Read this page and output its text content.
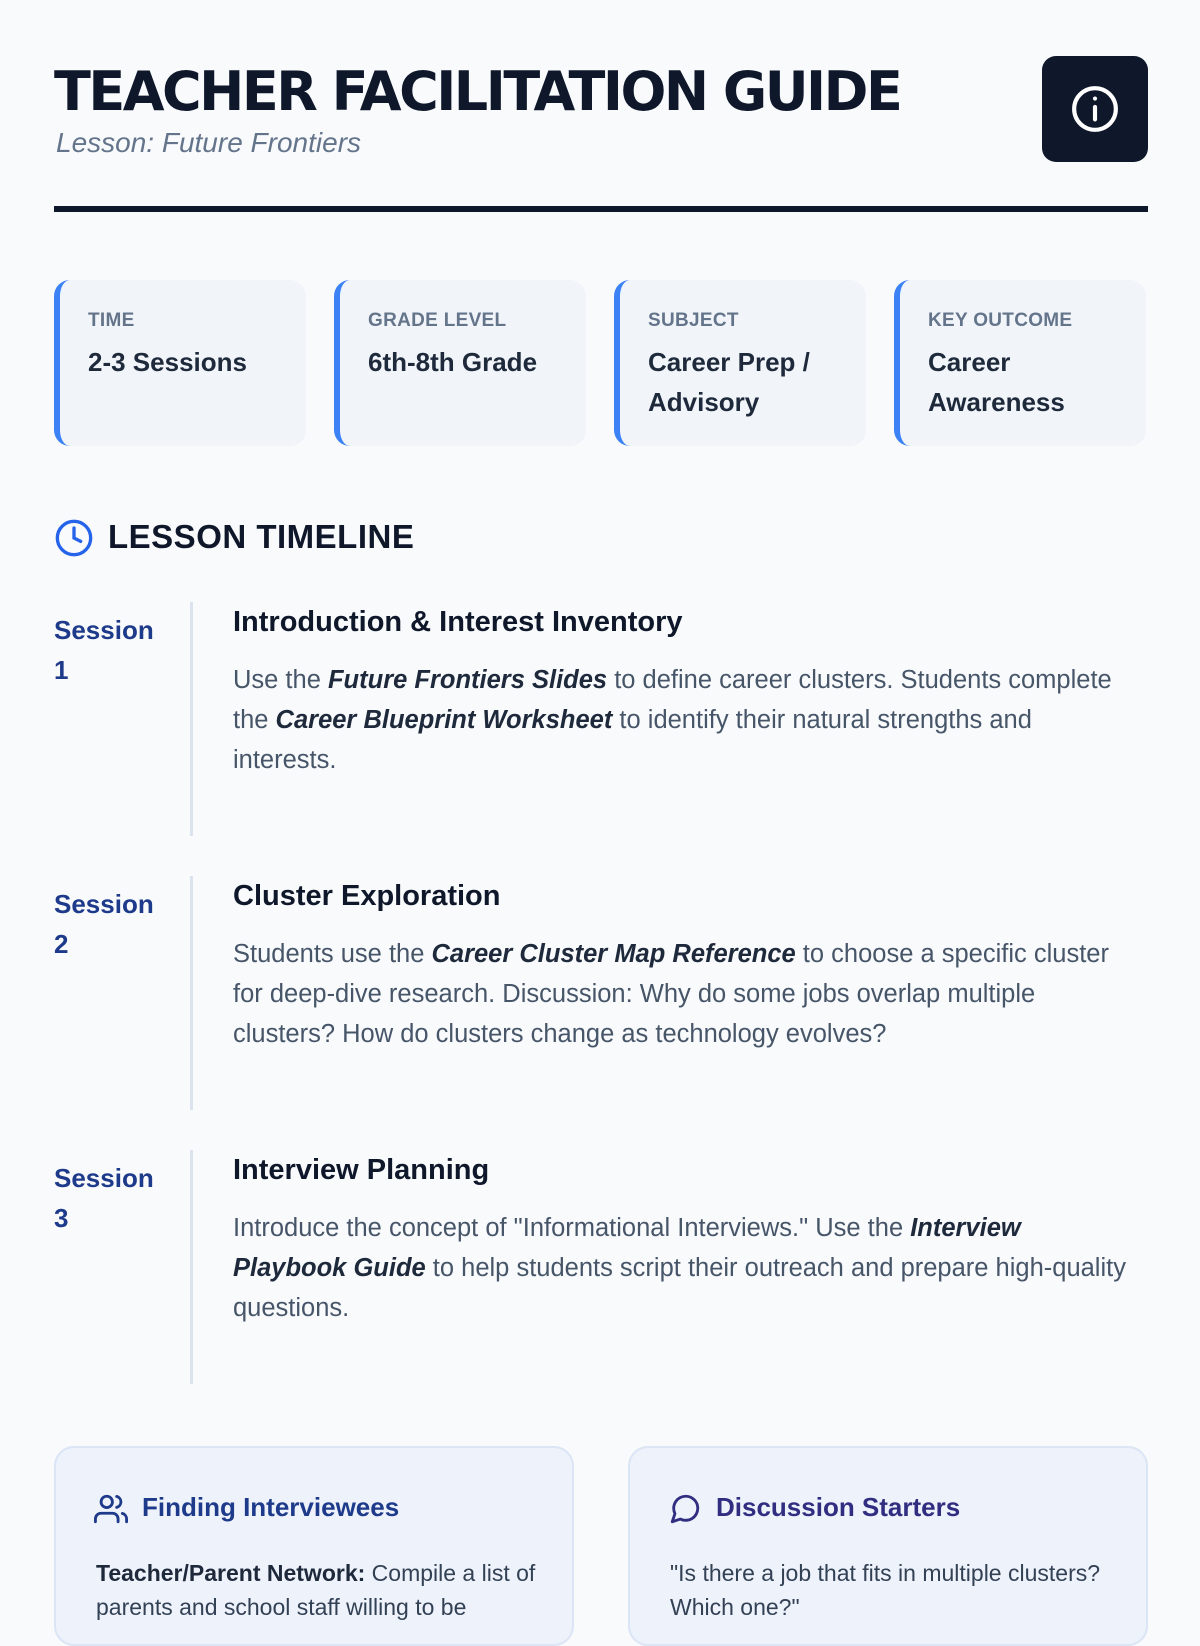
TEACHER FACILITATION GUIDE
Lesson: Future Frontiers
TIME
2-3 Sessions
GRADE LEVEL
6th-8th Grade
SUBJECT
Career Prep / Advisory
KEY OUTCOME
Career Awareness
LESSON TIMELINE
Session 1
Introduction & Interest Inventory
Use the Future Frontiers Slides to define career clusters. Students complete the Career Blueprint Worksheet to identify their natural strengths and interests.
Session 2
Cluster Exploration
Students use the Career Cluster Map Reference to choose a specific cluster for deep-dive research. Discussion: Why do some jobs overlap multiple clusters? How do clusters change as technology evolves?
Session 3
Interview Planning
Introduce the concept of "Informational Interviews." Use the Interview Playbook Guide to help students script their outreach and prepare high-quality questions.
Finding Interviewees
Teacher/Parent Network: Compile a list of parents and school staff willing to be
Discussion Starters
"Is there a job that fits in multiple clusters? Which one?"
